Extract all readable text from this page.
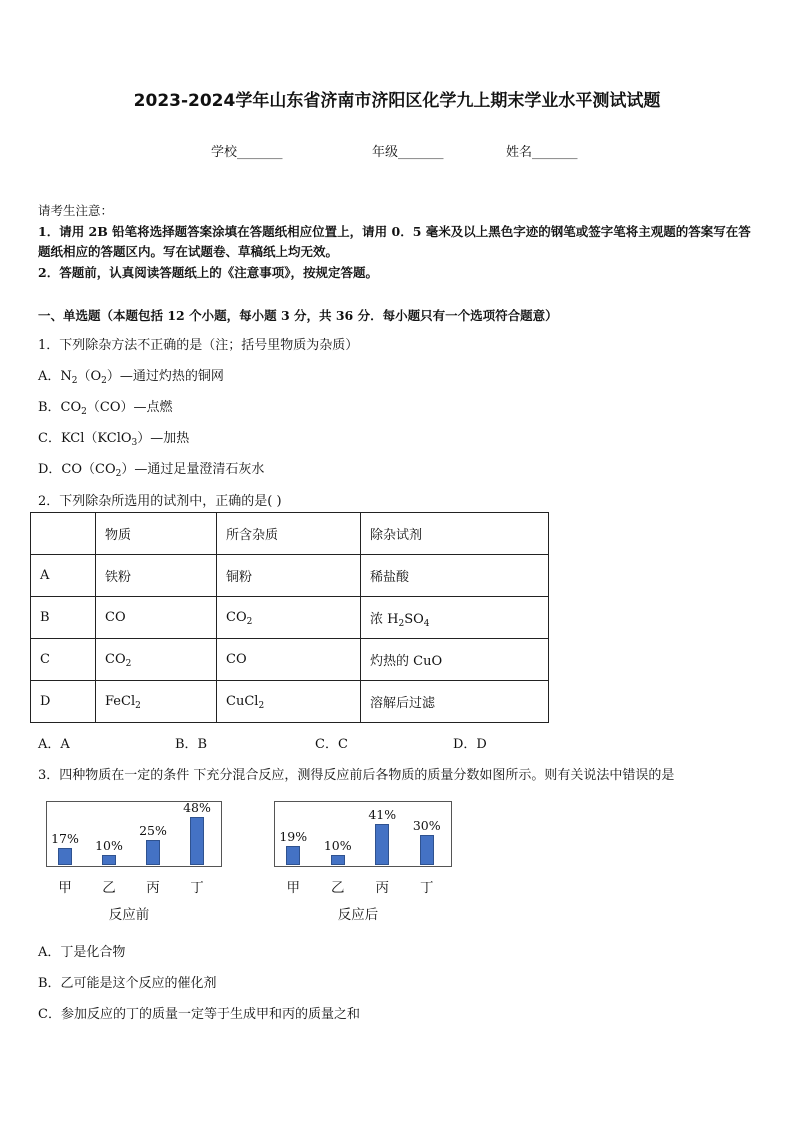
2023-2024学年山东省济南市济阳区化学九上期末学业水平测试试题
学校_______	年级_______	姓名_______

请考生注意：

1．请用 2B 铅笔将选择题答案涂填在答题纸相应位置上，请用 0．5 毫米及以上黑色字迹的钢笔或签字笔将主观题的答案写在答题纸相应的答题区内。写在试题卷、草稿纸上均无效。

2．答题前，认真阅读答题纸上的《注意事项》，按规定答题。

一、单选题（本题包括 12 个小题，每小题 3 分，共 36 分．每小题只有一个选项符合题意）
1．下列除杂方法不正确的是（注；括号里物质为杂质）
A．$N_2(O_2)—$通过灼热的铜网
B．$CO_2(CO)—$点燃
C．KCl（KClO$_3$）—加热
D．$CO(CO_2)—$通过足量澄清石灰水
2．下列除杂所选用的试剂中，正确的是( )
	物质	所含杂质	除杂试剂
A	铁粉	铜粉	稀盐酸
B	CO	$CO_2$	浓 $H_2SO_4$
C	$CO_2$	CO	灼热的 CuO
D	FeCl$_2$	CuCl$_2$	溶解后过滤
A．A	B．B	C．C	D．D
3．四种物质在一定的条件 下充分混合反应，测得反应前后各物质的质量分数如图所示。则有关说法中错误的是
17%
甲
10%
乙
25%
丙
48%
丁
反应前
19%
甲
10%
乙
41%
丙
30%
丁
反应后
A．丁是化合物
B．乙可能是这个反应的催化剂
C．参加反应的丁的质量一定等于生成甲和丙的质量之和
